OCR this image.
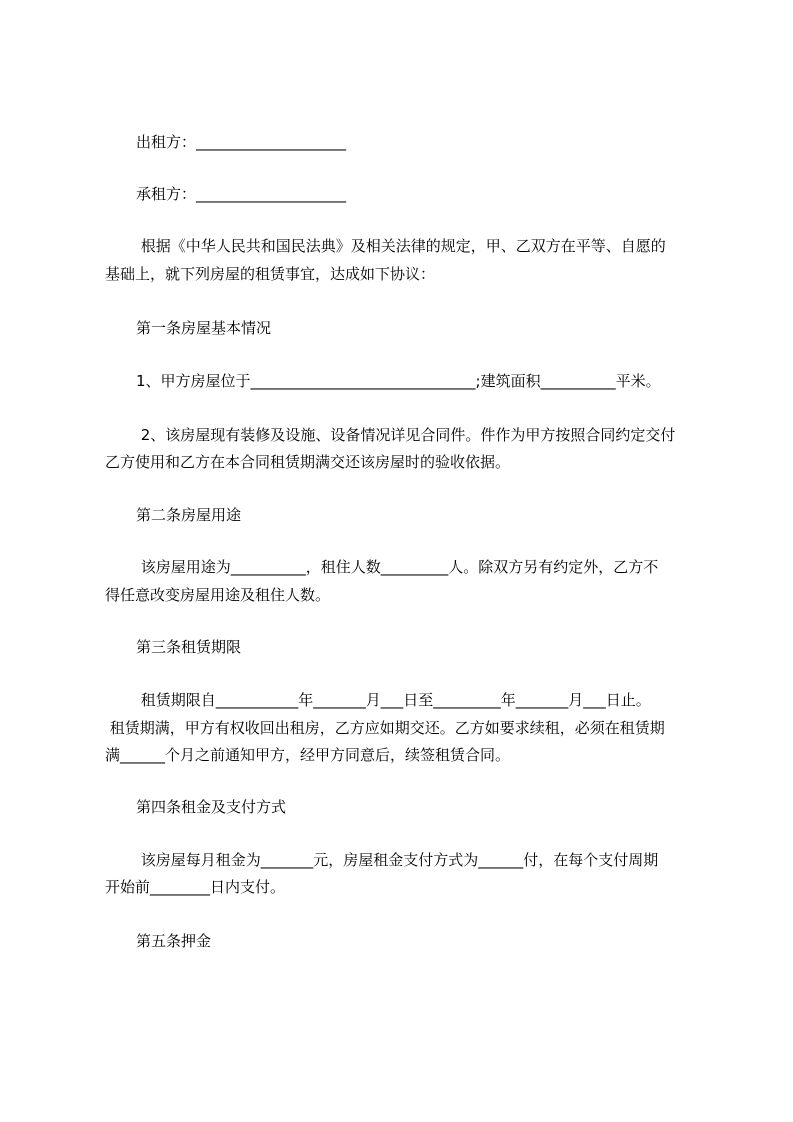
出租方：____________________
承租方：____________________
根据《中华人民共和国民法典》及相关法律的规定，甲、乙双方在平等、自愿的
基础上，就下列房屋的租赁事宜，达成如下协议：
第一条房屋基本情况
1、甲方房屋位于______________________________;建筑面积__________平米。
2、该房屋现有装修及设施、设备情况详见合同件。件作为甲方按照合同约定交付
乙方使用和乙方在本合同租赁期满交还该房屋时的验收依据。
第二条房屋用途
该房屋用途为__________，租住人数_________人。除双方另有约定外，乙方不
得任意改变房屋用途及租住人数。
第三条租赁期限
租赁期限自___________年_______月___日至_________年_______月___日止。
租赁期满，甲方有权收回出租房，乙方应如期交还。乙方如要求续租，必须在租赁期
满______个月之前通知甲方，经甲方同意后，续签租赁合同。
第四条租金及支付方式
该房屋每月租金为_______元，房屋租金支付方式为______付，在每个支付周期
开始前________日内支付。
第五条押金
